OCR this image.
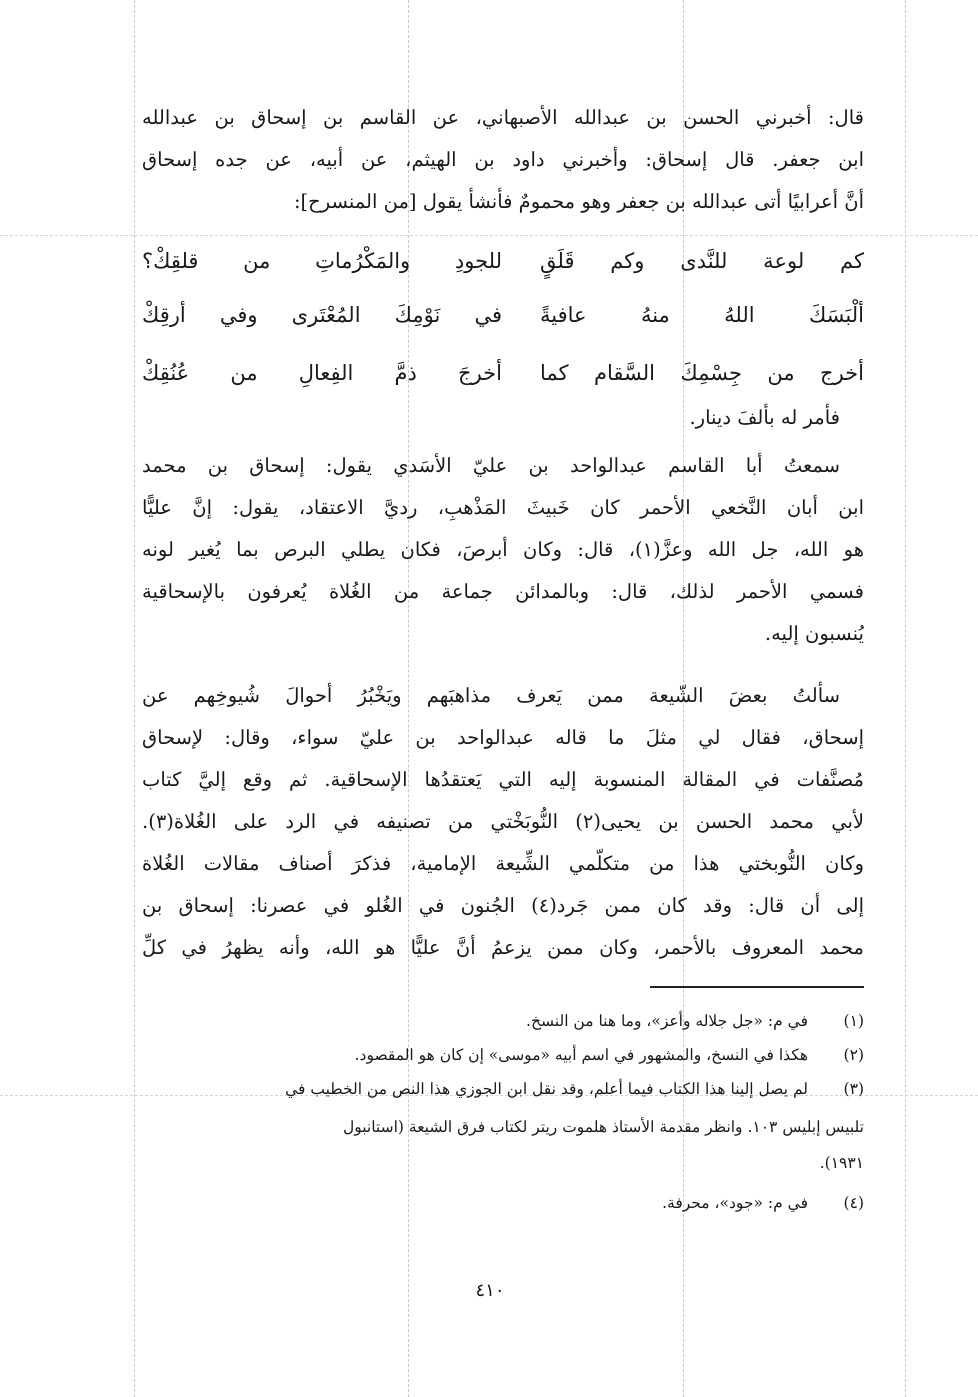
قال: أخبرني الحسن بن عبدالله الأصبهاني، عن القاسم بن إسحاق بن عبدالله
ابن جعفر. قال إسحاق: وأخبرني داود بن الهيثم، عن أبيه، عن جده إسحاق
أنَّ أعرابيًا أتى عبدالله بن جعفر وهو محمومٌ فأنشأ يقول [من المنسرح]:
كم لوعة للنَّدى وكم قَلَقٍ
للجودِ والمَكْرُماتِ من قلقِكْ؟
ألْبَسَكَ اللهُ منهُ عافيةً
في نَوْمِكَ المُعْتَرى وفي أرقِكْ
أخرج من جِسْمِكَ السَّقام كما
أخرجَ ذمَّ الفِعالِ من عُنُقِكْ
فأمر له بألفَ دينار.
سمعتُ أبا القاسم عبدالواحد بن عليّ الأسَدي يقول: إسحاق بن محمد
ابن أبان النَّخعي الأحمر كان خَبيثَ المَذْهبِ، رديَّ الاعتقاد، يقول: إنَّ عليًّا
هو الله، جل الله وعزَّ(١)، قال: وكان أبرصَ، فكان يطلي البرص بما يُغير لونه
فسمي الأحمر لذلك، قال: وبالمدائن جماعة من الغُلاة يُعرفون بالإسحاقية
يُنسبون إليه.
سألتُ بعضَ الشّيعة ممن يَعرف مذاهبَهم ويَخْبُرُ أحوالَ شُيوخِهم عن
إسحاق، فقال لي مثلَ ما قاله عبدالواحد بن عليّ سواء، وقال: لإسحاق
مُصنَّفات في المقالة المنسوبة إليه التي يَعتقدُها الإسحاقية. ثم وقع إليَّ كتاب
لأبي محمد الحسن بن يحيى(٢) النُّوبَخْتي من تصنيفه في الرد على الغُلاة(٣).
وكان النُّوبختي هذا من متكلّمي الشِّيعة الإمامية، فذكرَ أصناف مقالات الغُلاة
إلى أن قال: وقد كان ممن جَرد(٤) الجُنون في الغُلو في عصرنا: إسحاق بن
محمد المعروف بالأحمر، وكان ممن يزعمُ أنَّ عليًّا هو الله، وأنه يظهرُ في كلِّ
(١)
في م: «جل جلاله وأعز»، وما هنا من النسخ.
(٢)
هكذا في النسخ، والمشهور في اسم أبيه «موسى» إن كان هو المقصود.
(٣)
لم يصل إلينا هذا الكتاب فيما أعلم، وقد نقل ابن الجوزي هذا النص من الخطيب في
تلبيس إبليس ١٠٣. وانظر مقدمة الأستاذ هلموت ريتر لكتاب فرق الشيعة (استانبول
١٩٣١).
(٤)
في م: «جود»، محرفة.
٤١٠
